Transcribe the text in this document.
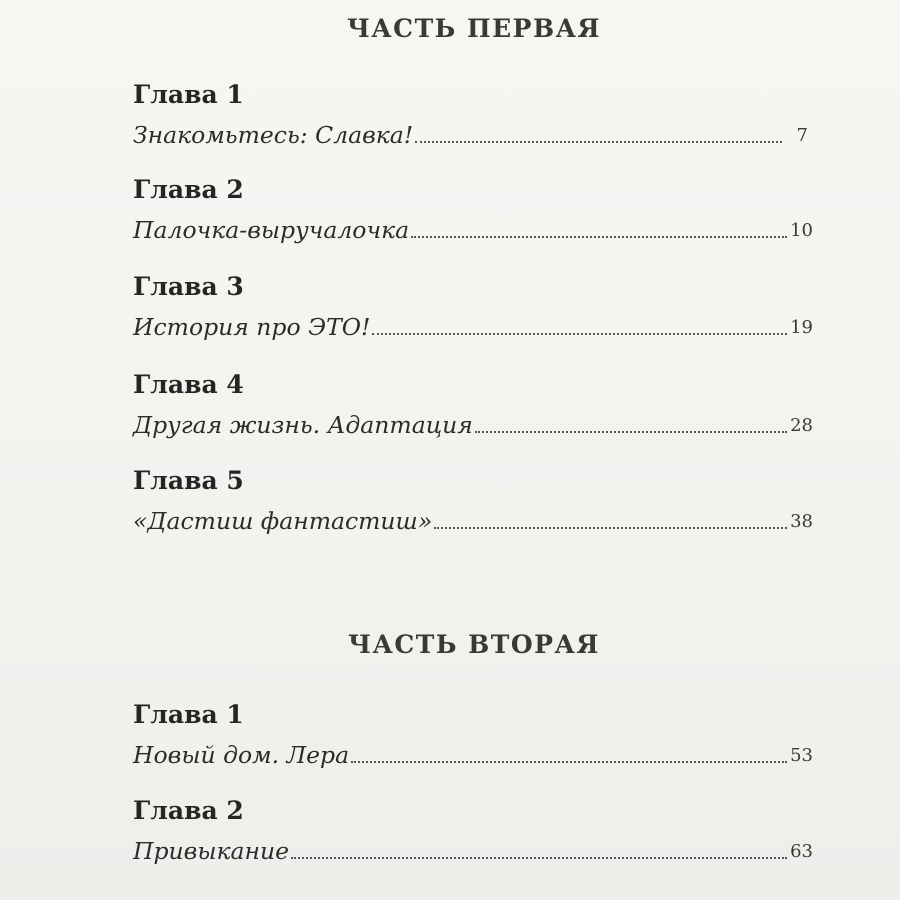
ЧАСТЬ ПЕРВАЯ
Глава 1
Знакомьтесь: Славка!	7
Глава 2
Палочка-выручалочка	10
Глава 3
История про ЭТО!	19
Глава 4
Другая жизнь. Адаптация	28
Глава 5
«Дастиш фантастиш»	38
ЧАСТЬ ВТОРАЯ
Глава 1
Новый дом. Лера	53
Глава 2
Привыкание	63
